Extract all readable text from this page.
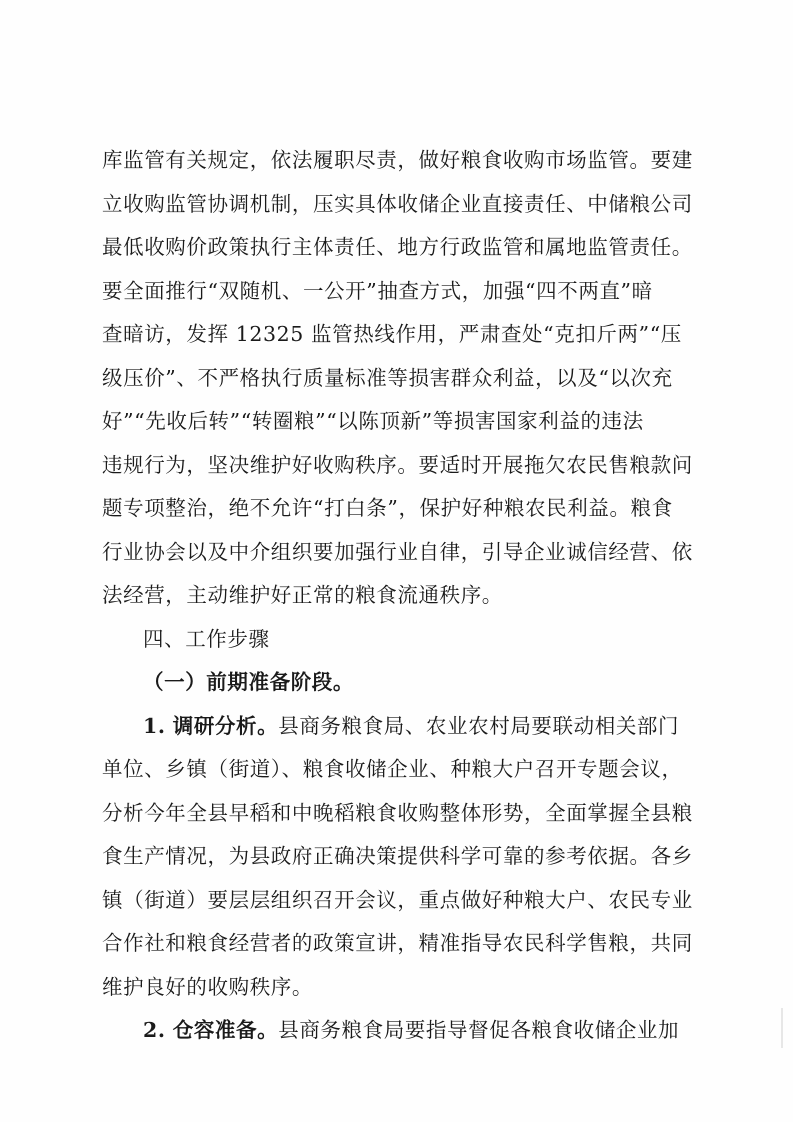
库监管有关规定，依法履职尽责，做好粮食收购市场监管。要建
立收购监管协调机制，压实具体收储企业直接责任、中储粮公司
最低收购价政策执行主体责任、地方行政监管和属地监管责任。
要全面推行“双随机、一公开”抽查方式，加强“四不两直”暗
查暗访，发挥 12325 监管热线作用，严肃查处“克扣斤两”“压
级压价”、不严格执行质量标准等损害群众利益，以及“以次充
好”“先收后转”“转圈粮”“以陈顶新”等损害国家利益的违法
违规行为，坚决维护好收购秩序。要适时开展拖欠农民售粮款问
题专项整治，绝不允许“打白条”，保护好种粮农民利益。粮食
行业协会以及中介组织要加强行业自律，引导企业诚信经营、依
法经营，主动维护好正常的粮食流通秩序。
四、工作步骤
（一）前期准备阶段。
1. 调研分析。县商务粮食局、农业农村局要联动相关部门
单位、乡镇（街道）、粮食收储企业、种粮大户召开专题会议，
分析今年全县早稻和中晚稻粮食收购整体形势，全面掌握全县粮
食生产情况，为县政府正确决策提供科学可靠的参考依据。各乡
镇（街道）要层层组织召开会议，重点做好种粮大户、农民专业
合作社和粮食经营者的政策宣讲，精准指导农民科学售粮，共同
维护良好的收购秩序。
2. 仓容准备。县商务粮食局要指导督促各粮食收储企业加
